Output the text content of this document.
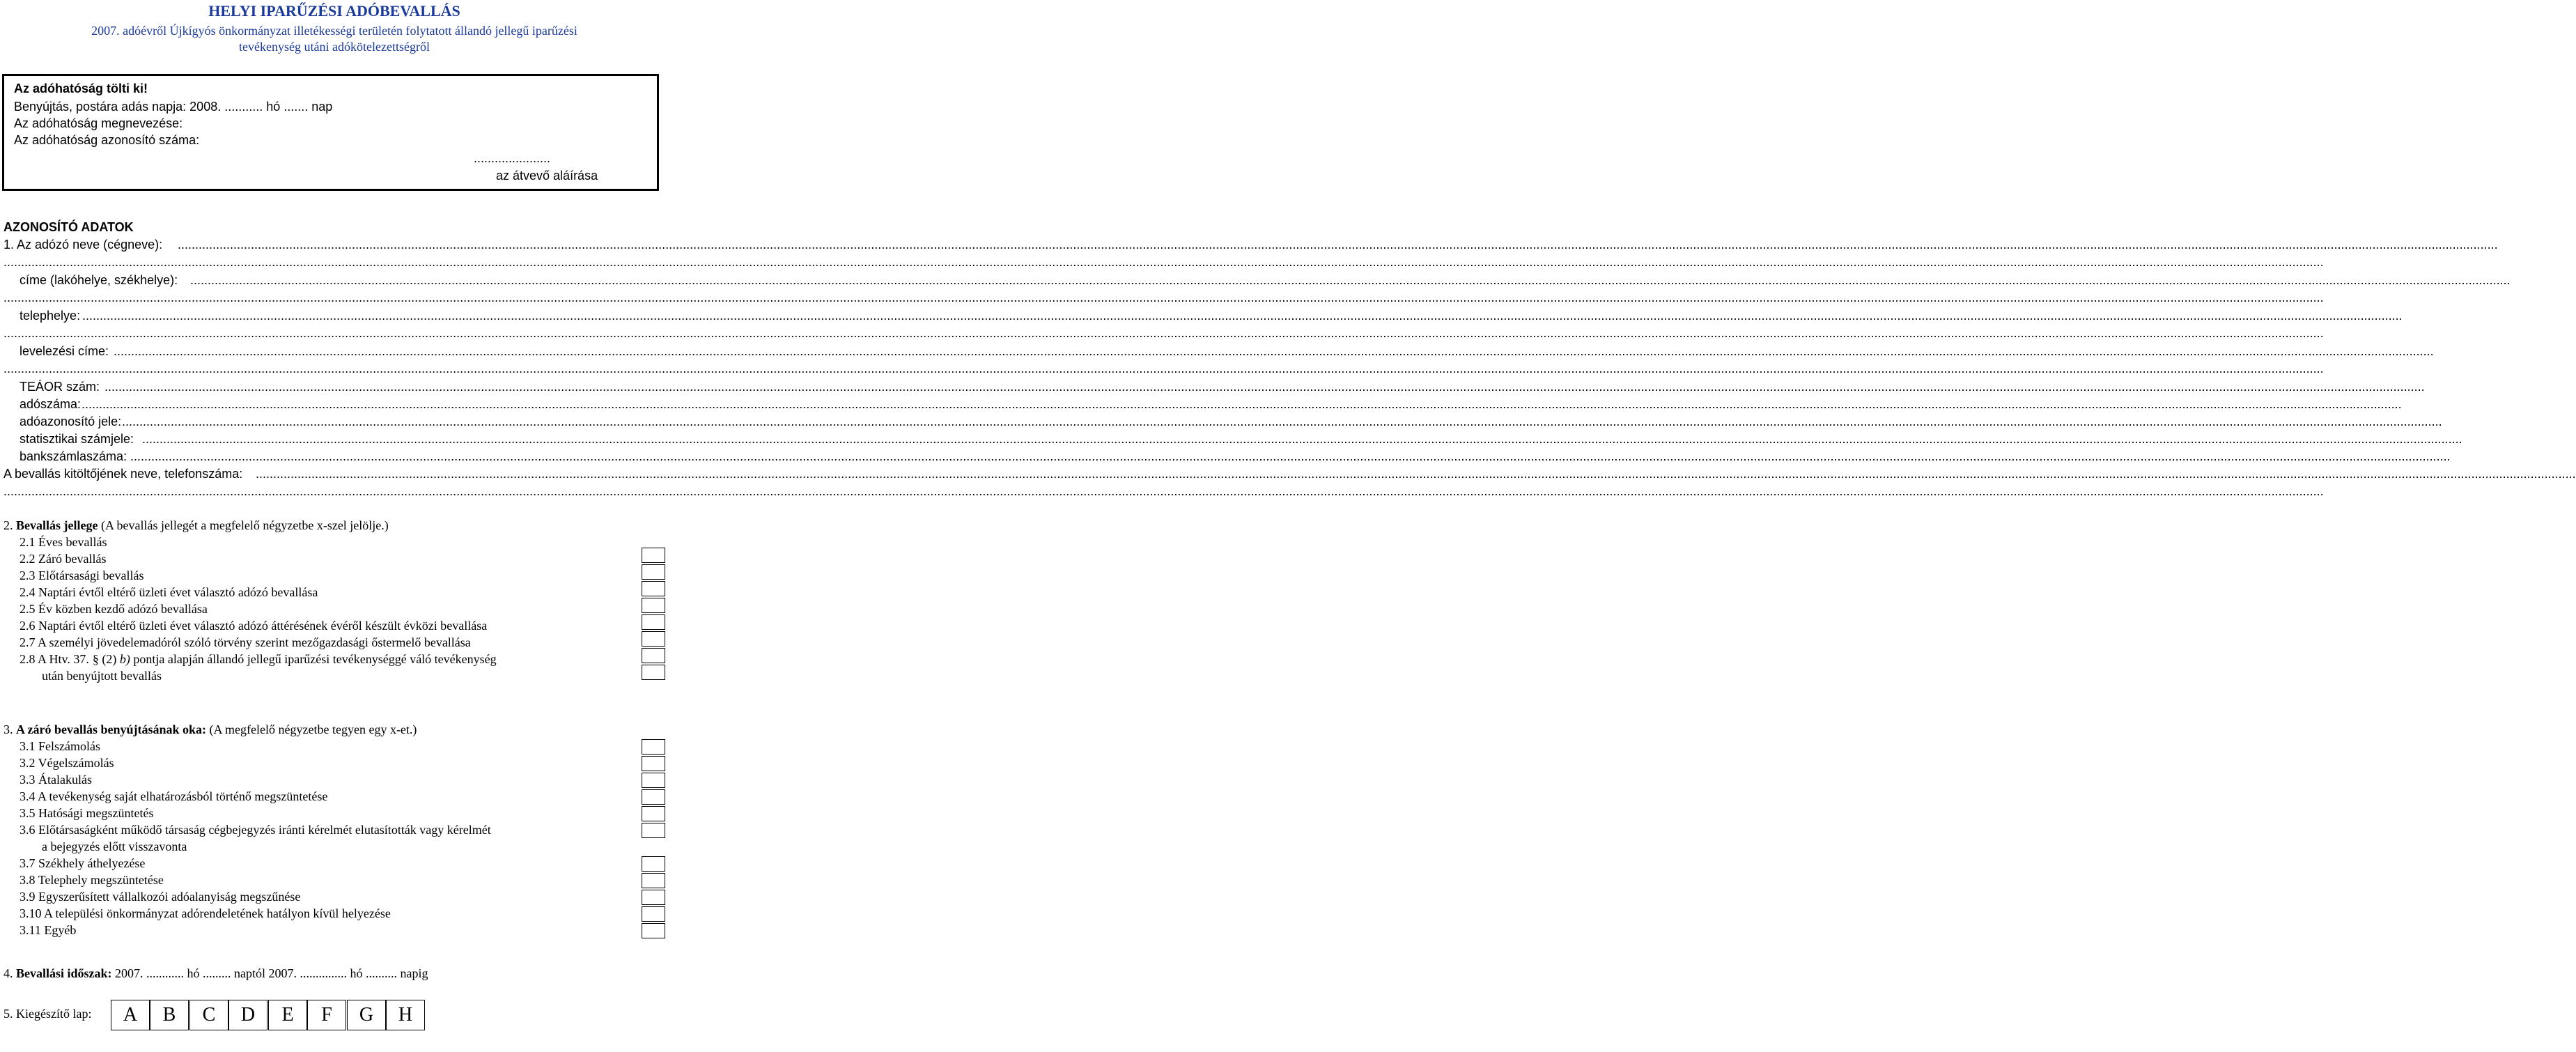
HELYI IPARŰZÉSI ADÓBEVALLÁS
2007. adóévről Újkígyós önkormányzat illetékességi területén folytatott állandó jellegű iparűzési
tevékenység utáni adókötelezettségről
Az adóhatóság tölti ki!
Benyújtás, postára adás napja: 2008. ........... hó ....... nap
Az adóhatóság megnevezése:
Az adóhatóság azonosító száma:
......................
az átvevő aláírása
AZONOSÍTÓ ADATOK
1. Az adózó neve (cégneve): ..........................................................................................................................................................................................................................................................................................................................................................................................................................................................................................................................................................................................................................................................................................
..........................................................................................................................................................................................................................................................................................................................................................................................................................................................................................................................................................................................................................................................................................
címe (lakóhelye, székhelye): ..........................................................................................................................................................................................................................................................................................................................................................................................................................................................................................................................................................................................................................................................................................
..........................................................................................................................................................................................................................................................................................................................................................................................................................................................................................................................................................................................................................................................................................
telephelye: ..........................................................................................................................................................................................................................................................................................................................................................................................................................................................................................................................................................................................................................................................................................
..........................................................................................................................................................................................................................................................................................................................................................................................................................................................................................................................................................................................................................................................................................
levelezési címe: ..........................................................................................................................................................................................................................................................................................................................................................................................................................................................................................................................................................................................................................................................................................
..........................................................................................................................................................................................................................................................................................................................................................................................................................................................................................................................................................................................................................................................................................
TEÁOR szám: ..........................................................................................................................................................................................................................................................................................................................................................................................................................................................................................................................................................................................................................................................................................
adószáma: ..........................................................................................................................................................................................................................................................................................................................................................................................................................................................................................................................................................................................................................................................................................
adóazonosító jele: ..........................................................................................................................................................................................................................................................................................................................................................................................................................................................................................................................................................................................................................................................................................
statisztikai számjele: ..........................................................................................................................................................................................................................................................................................................................................................................................................................................................................................................................................................................................................................................................................................
bankszámlaszáma: ..........................................................................................................................................................................................................................................................................................................................................................................................................................................................................................................................................................................................................................................................................................
A bevallás kitöltőjének neve, telefonszáma: ..........................................................................................................................................................................................................................................................................................................................................................................................................................................................................................................................................................................................................................................................................................
..........................................................................................................................................................................................................................................................................................................................................................................................................................................................................................................................................................................................................................................................................................
2. Bevallás jellege (A bevallás jellegét a megfelelő négyzetbe x-szel jelölje.)
2.1 Éves bevallás
2.2 Záró bevallás
2.3 Előtársasági bevallás
2.4 Naptári évtől eltérő üzleti évet választó adózó bevallása
2.5 Év közben kezdő adózó bevallása
2.6 Naptári évtől eltérő üzleti évet választó adózó áttérésének évéről készült évközi bevallása
2.7 A személyi jövedelemadóról szóló törvény szerint mezőgazdasági őstermelő bevallása
2.8 A Htv. 37. § (2) b) pontja alapján állandó jellegű iparűzési tevékenységgé váló tevékenység
után benyújtott bevallás
3. A záró bevallás benyújtásának oka: (A megfelelő négyzetbe tegyen egy x-et.)
3.1 Felszámolás
3.2 Végelszámolás
3.3 Átalakulás
3.4 A tevékenység saját elhatározásból történő megszüntetése
3.5 Hatósági megszüntetés
3.6 Előtársaságként működő társaság cégbejegyzés iránti kérelmét elutasították vagy kérelmét
a bejegyzés előtt visszavonta
3.7 Székhely áthelyezése
3.8 Telephely megszüntetése
3.9 Egyszerűsített vállalkozói adóalanyiság megszűnése
3.10 A települési önkormányzat adórendeletének hatályon kívül helyezése
3.11 Egyéb
4. Bevallási időszak: 2007. ............ hó ......... naptól 2007. ............... hó .......... napig
5. Kiegészítő lap:	A	B	C	D	E	F	G	H
